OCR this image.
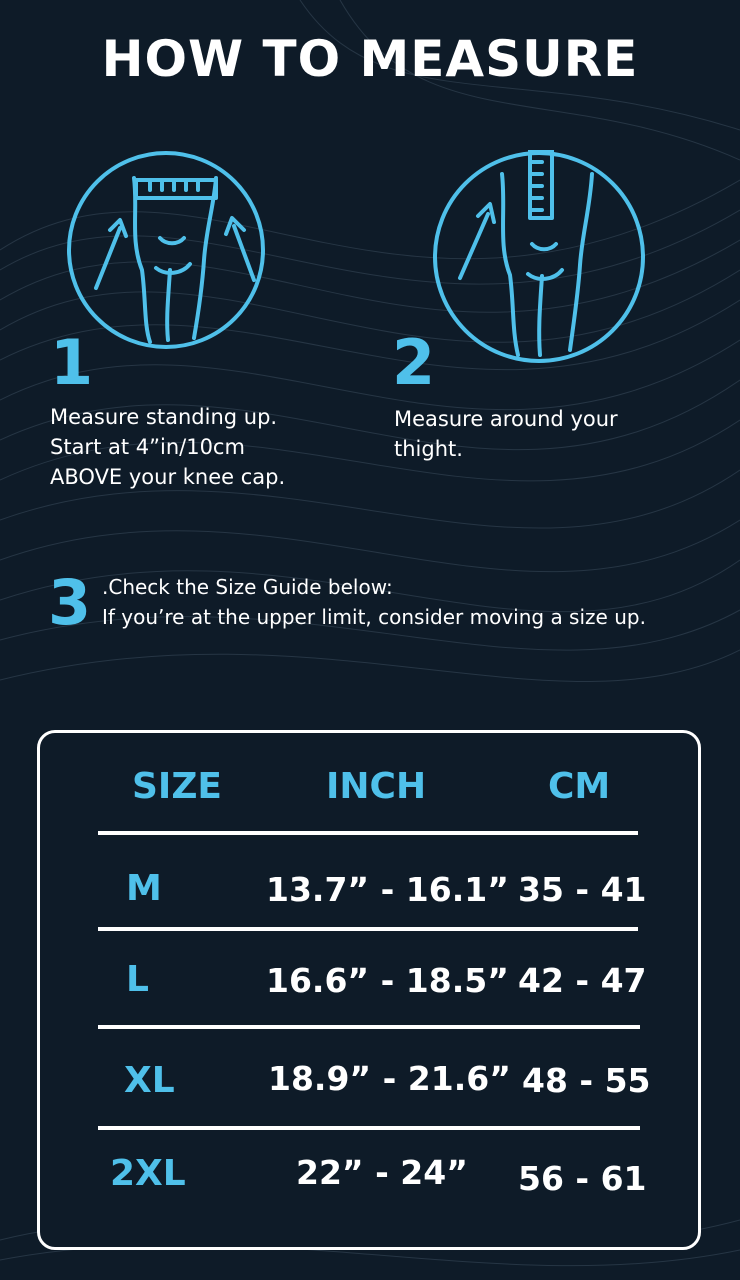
HOW TO MEASURE
1
Measure standing up.
Start at 4”in/10cm
ABOVE your knee cap.
2
Measure around your
thight.
3 .Check the Size Guide below:
If you’re at the upper limit, consider moving a size up.
SIZE	INCH	CM
M	13.7” - 16.1” 35 - 41
L	16.6” - 18.5” 42 - 47
XL	18.9” - 21.6” 48 - 55
2XL	22” - 24” 56 - 61
